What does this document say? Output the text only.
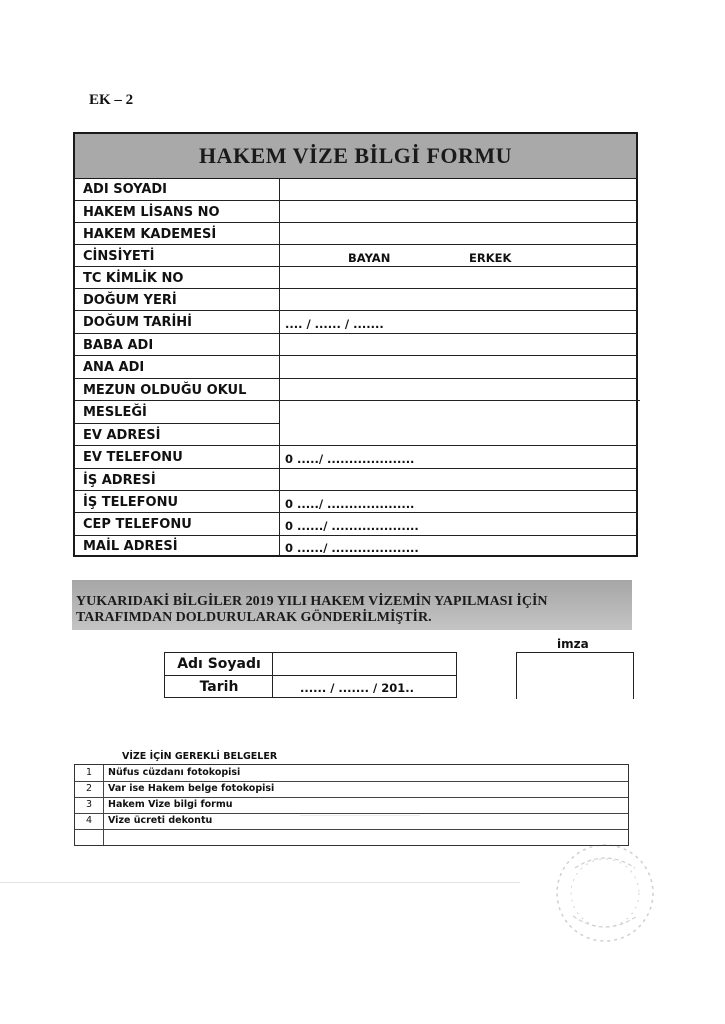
EK – 2
HAKEM VİZE BİLGİ FORMU
ADI SOYADI
HAKEM LİSANS NO
HAKEM KADEMESİ
CİNSİYETİ	BAYAN	ERKEK
TC KİMLİK NO
DOĞUM YERİ
DOĞUM TARİHİ	.... / ...... / .......
BABA ADI
ANA ADI
MEZUN OLDUĞU OKUL
MESLEĞİ
EV ADRESİ
EV TELEFONU	0 ...../ ....................
İŞ ADRESİ
İŞ TELEFONU	0 ...../ ....................
CEP TELEFONU	0 ....../ ....................
MAİL ADRESİ	0 ....../ ....................
YUKARIDAKİ BİLGİLER 2019 YILI HAKEM VİZEMİN YAPILMASI İÇİN
TARAFIMDAN DOLDURULARAK GÖNDERİLMİŞTİR.
imza
Adı Soyadı
Tarih	...... / ....... / 201..
VİZE İÇİN GEREKLİ BELGELER
1	Nüfus cüzdanı fotokopisi
2	Var ise Hakem belge fotokopisi
3	Hakem Vize bilgi formu
4	Vize ücreti dekontu
